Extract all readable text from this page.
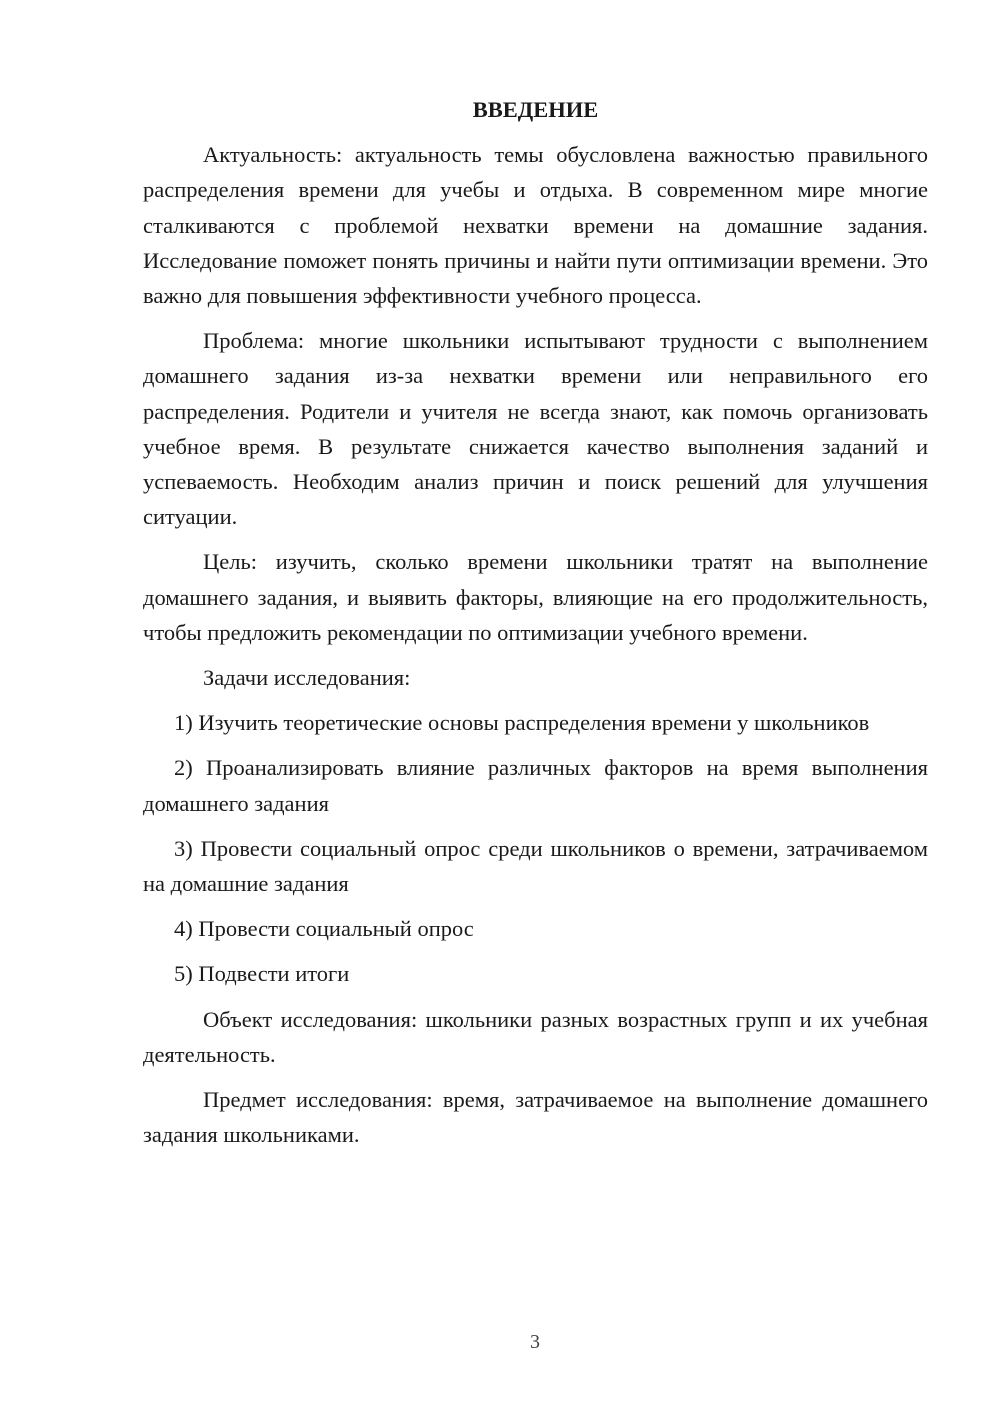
ВВЕДЕНИЕ

Актуальность: актуальность темы обусловлена важностью правильного распределения времени для учебы и отдыха. В современном мире многие сталкиваются с проблемой нехватки времени на домашние задания. Исследование поможет понять причины и найти пути оптимизации времени. Это важно для повышения эффективности учебного процесса.

Проблема: многие школьники испытывают трудности с выполнением домашнего задания из-за нехватки времени или неправильного его распределения. Родители и учителя не всегда знают, как помочь организовать учебное время. В результате снижается качество выполнения заданий и успеваемость. Необходим анализ причин и поиск решений для улучшения ситуации.

Цель: изучить, сколько времени школьники тратят на выполнение домашнего задания, и выявить факторы, влияющие на его продолжительность, чтобы предложить рекомендации по оптимизации учебного времени.

Задачи исследования:

1) Изучить теоретические основы распределения времени у школьников

2) Проанализировать влияние различных факторов на время выполнения домашнего задания

3) Провести социальный опрос среди школьников о времени, затрачиваемом на домашние задания

4) Провести социальный опрос

5) Подвести итоги

Объект исследования: школьники разных возрастных групп и их учебная деятельность.

Предмет исследования: время, затрачиваемое на выполнение домашнего задания школьниками.

3
